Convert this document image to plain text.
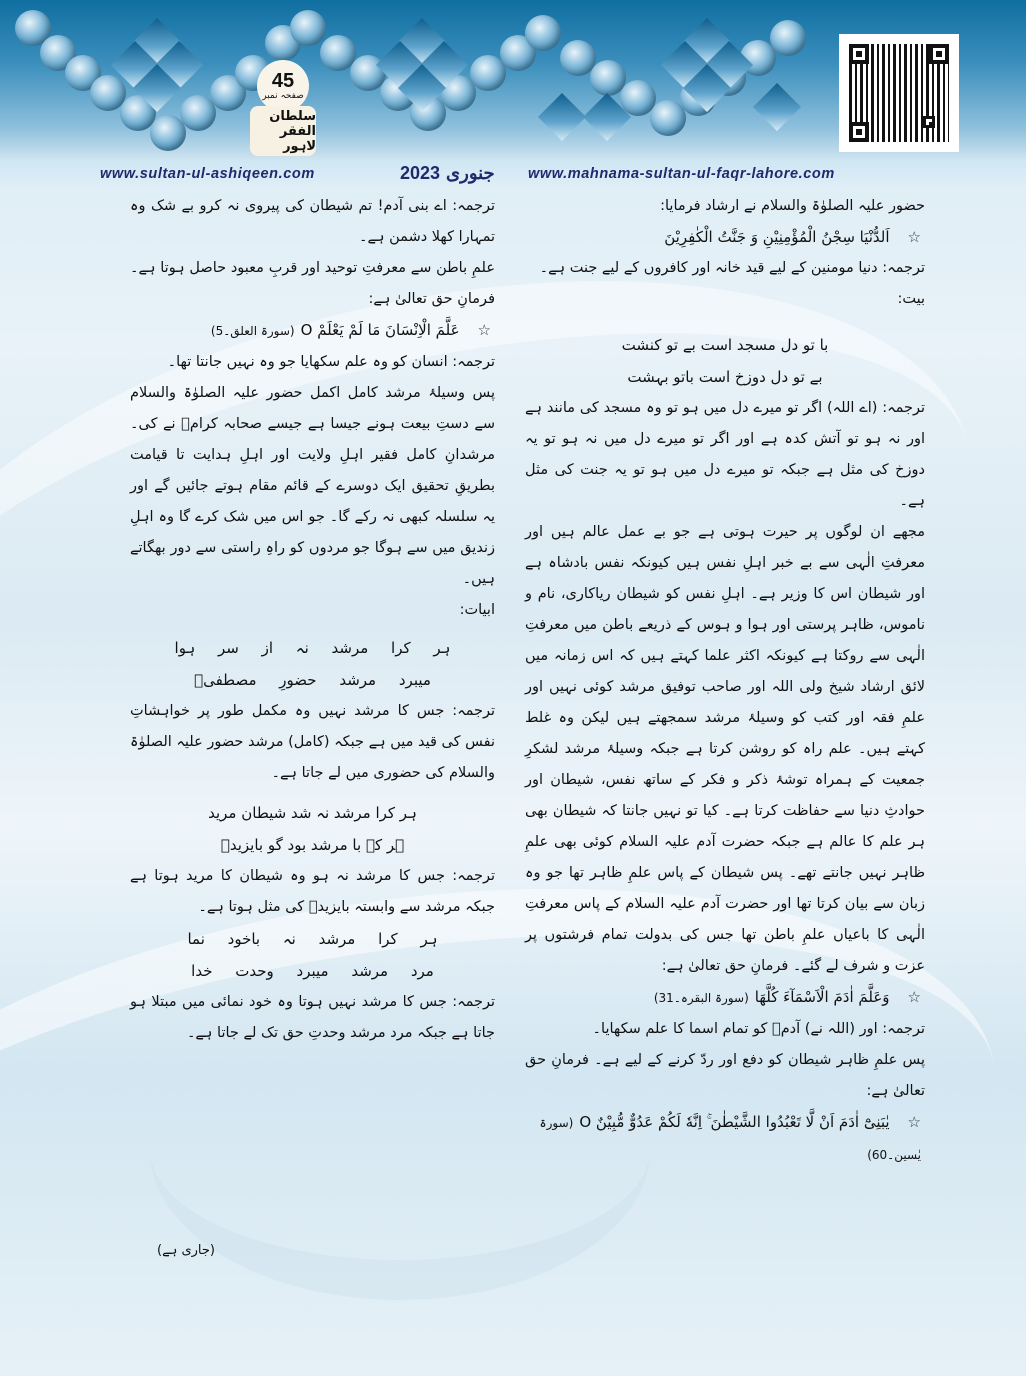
45
صفحہ نمبر
سلطان الفقر لاہور
www.sultan-ul-ashiqeen.com	جنوری
2023	www.mahnama-sultan-ul-faqr-lahore.com

حضور علیہ الصلوٰۃ والسلام نے ارشاد فرمایا:

☆اَلدُّنْیَا سِجْنُ الْمُؤْمِنِیْنِ وَ جَنَّتُ الْکٰفِرِیْنَ

ترجمہ: دنیا مومنین کے لیے قید خانہ اور کافروں کے لیے جنت ہے۔

بیت:

با تو دل مسجد است بے تو کنشت

بے تو دل دوزخ است باتو بہشت

ترجمہ: (اے اللہ) اگر تو میرے دل میں ہو تو وہ مسجد کی مانند ہے اور نہ ہو تو آتش کدہ ہے اور اگر تو میرے دل میں نہ ہو تو یہ دوزخ کی مثل ہے جبکہ تو میرے دل میں ہو تو یہ جنت کی مثل ہے۔

مجھے ان لوگوں پر حیرت ہوتی ہے جو بے عمل عالم ہیں اور معرفتِ الٰہی سے بے خبر اہلِ نفس ہیں کیونکہ نفس بادشاہ ہے اور شیطان اس کا وزیر ہے۔ اہلِ نفس کو شیطان ریاکاری، نام و ناموس، ظاہر پرستی اور ہوا و ہوس کے ذریعے باطن میں معرفتِ الٰہی سے روکتا ہے کیونکہ اکثر علما کہتے ہیں کہ اس زمانہ میں لائق ارشاد شیخ ولی اللہ اور صاحب توفیق مرشد کوئی نہیں اور علمِ فقہ اور کتب کو وسیلۂ مرشد سمجھتے ہیں لیکن وہ غلط کہتے ہیں۔ علم راہ کو روشن کرتا ہے جبکہ وسیلۂ مرشد لشکرِ جمعیت کے ہمراہ توشۂ ذکر و فکر کے ساتھ نفس، شیطان اور حوادثِ دنیا سے حفاظت کرتا ہے۔ کیا تو نہیں جانتا کہ شیطان بھی ہر علم کا عالم ہے جبکہ حضرت آدم علیہ السلام کوئی بھی علمِ ظاہر نہیں جانتے تھے۔ پس شیطان کے پاس علمِ ظاہر تھا جو وہ زبان سے بیان کرتا تھا اور حضرت آدم علیہ السلام کے پاس معرفتِ الٰہی کا باعیاں علمِ باطن تھا جس کی بدولت تمام فرشتوں پر عزت و شرف لے گئے۔ فرمانِ حق تعالیٰ ہے:

☆وَعَلَّمَ اٰدَمَ الْاَسْمَآءَ کُلَّهَا(سورۃ البقرہ۔31)

ترجمہ: اور (اللہ نے) آدمؑ کو تمام اسما کا علم سکھایا۔

پس علمِ ظاہر شیطان کو دفع اور ردّ کرنے کے لیے ہے۔ فرمانِ حق تعالیٰ ہے:

☆یٰبَنِیْٓ اٰدَمَ اَنْ لَّا تَعْبُدُوا الشَّیْطٰنَ ۚ اِنَّهٗ لَکُمْ عَدُوٌّ مُّبِیْنٌ O(سورۃ یٰسین۔60)

ترجمہ: اے بنی آدم! تم شیطان کی پیروی نہ کرو بے شک وہ تمہارا کھلا دشمن ہے۔

علمِ باطن سے معرفتِ توحید اور قربِ معبود حاصل ہوتا ہے۔ فرمانِ حق تعالیٰ ہے:

☆عَلَّمَ الْاِنْسَانَ مَا لَمْ یَعْلَمْ O(سورۃ العلق۔5)

ترجمہ: انسان کو وہ علم سکھایا جو وہ نہیں جانتا تھا۔

پس وسیلۂ مرشد کامل اکمل حضور علیہ الصلوٰۃ والسلام سے دستِ بیعت ہونے جیسا ہے جیسے صحابہ کرامؓ نے کی۔ مرشدانِ کامل فقیر اہلِ ولایت اور اہلِ ہدایت تا قیامت بطریقِ تحقیق ایک دوسرے کے قائم مقام ہوتے جائیں گے اور یہ سلسلہ کبھی نہ رکے گا۔ جو اس میں شک کرے گا وہ اہلِ زندیق میں سے ہوگا جو مردوں کو راہِ راستی سے دور بھگاتے ہیں۔

ابیات:

ہر کرا مرشد نہ از سر ہوا

میبرد مرشد حضورِ مصطفیؐ

ترجمہ: جس کا مرشد نہیں وہ مکمل طور پر خواہشاتِ نفس کی قید میں ہے جبکہ (کامل) مرشد حضور علیہ الصلوٰۃ والسلام کی حضوری میں لے جاتا ہے۔

ہر کرا مرشد نہ شد شیطان مرید

ہر کہ با مرشد بود گو بایزیدؒ

ترجمہ: جس کا مرشد نہ ہو وہ شیطان کا مرید ہوتا ہے جبکہ مرشد سے وابستہ بایزیدؒ کی مثل ہوتا ہے۔

ہر کرا مرشد نہ باخود نما

مرد مرشد میبرد وحدت خدا

ترجمہ: جس کا مرشد نہیں ہوتا وہ خود نمائی میں مبتلا ہو جاتا ہے جبکہ مرد مرشد وحدتِ حق تک لے جاتا ہے۔

(جاری ہے)
